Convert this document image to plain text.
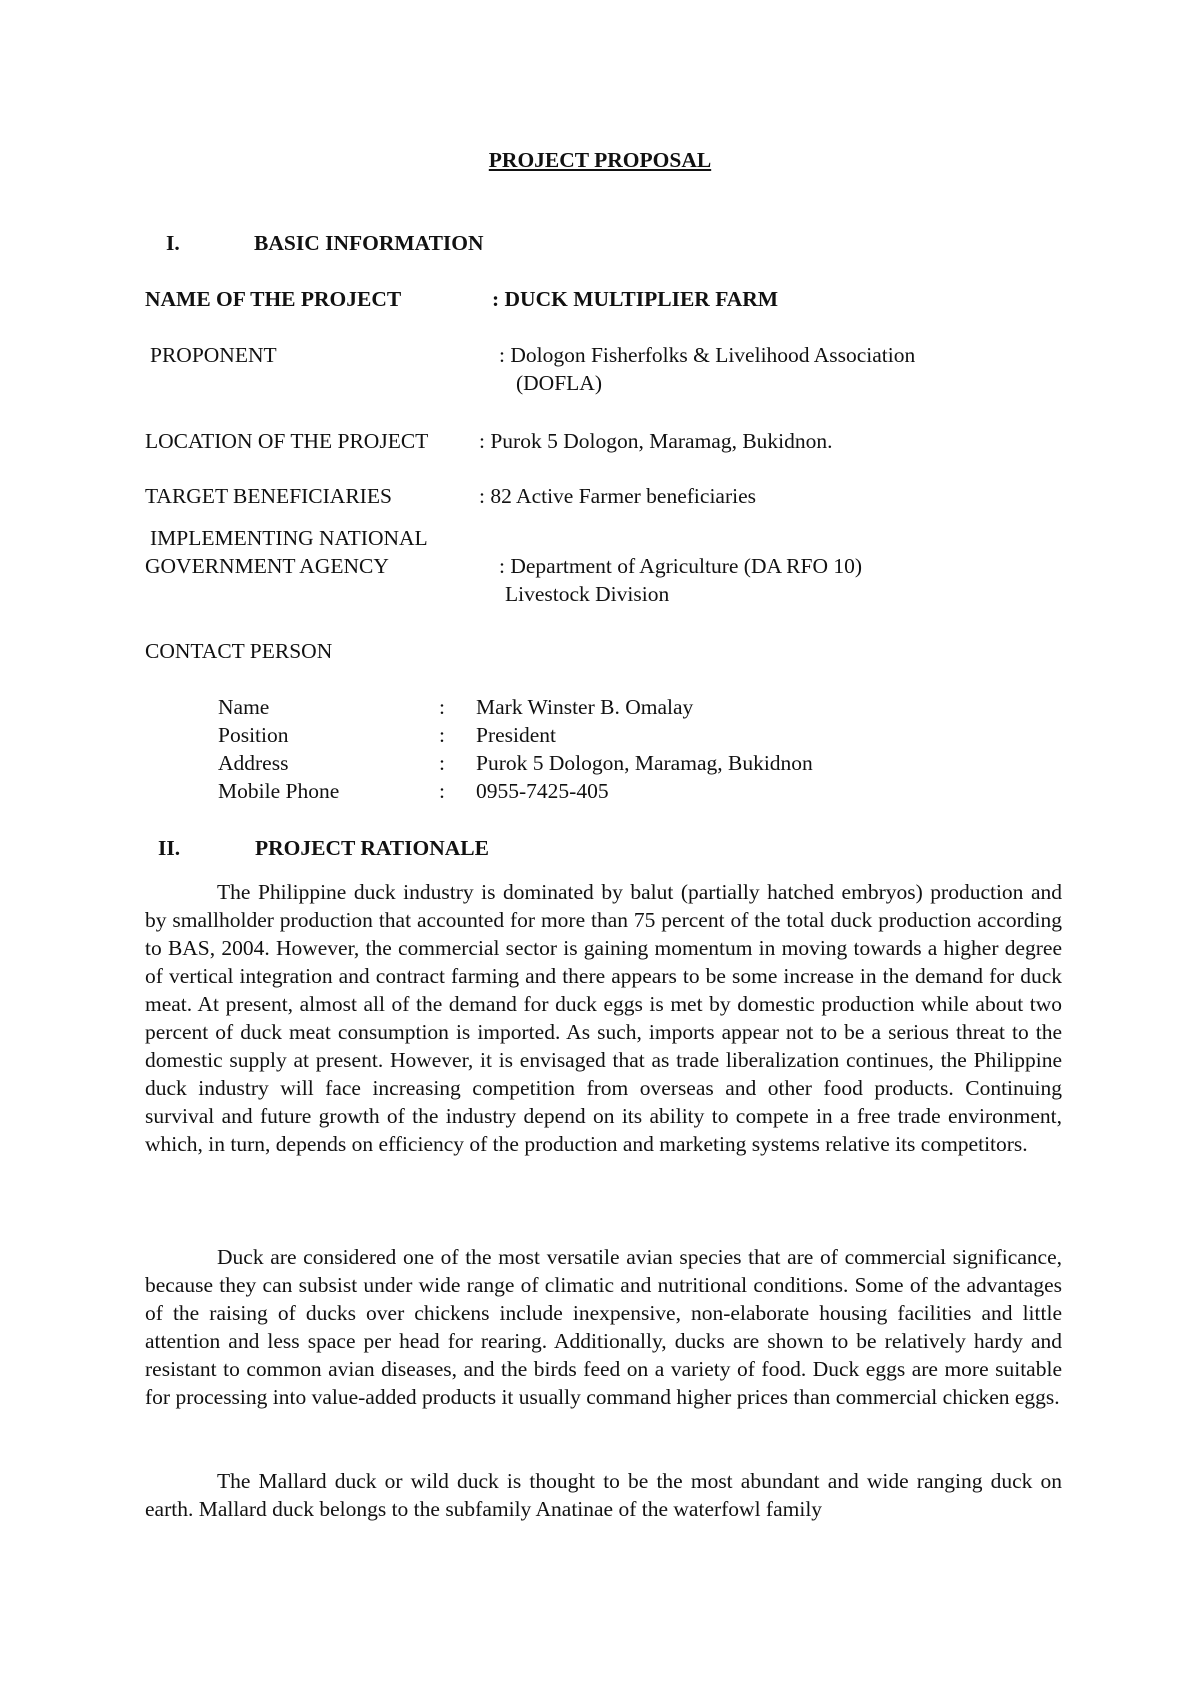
PROJECT PROPOSAL
I.	BASIC INFORMATION
NAME OF THE PROJECT	: DUCK MULTIPLIER FARM
PROPONENT	: Dologon Fisherfolks & Livelihood Association
(DOFLA)
LOCATION OF THE PROJECT : Purok 5 Dologon, Maramag, Bukidnon.
TARGET BENEFICIARIES	: 82 Active Farmer beneficiaries
IMPLEMENTING NATIONAL
GOVERNMENT AGENCY	: Department of Agriculture (DA RFO 10)
Livestock Division
CONTACT PERSON
Name	: Mark Winster B. Omalay
Position	: President
Address	: Purok 5 Dologon, Maramag, Bukidnon
Mobile Phone	: 0955-7425-405
II.	PROJECT RATIONALE
The Philippine duck industry is dominated by balut (partially hatched embryos) production and by smallholder production that accounted for more than 75 percent of the total duck production according to BAS, 2004. However, the commercial sector is gaining momentum in moving towards a higher degree of vertical integration and contract farming and there appears to be some increase in the demand for duck meat. At present, almost all of the demand for duck eggs is met by domestic production while about two percent of duck meat consumption is imported. As such, imports appear not to be a serious threat to the domestic supply at present. However, it is envisaged that as trade liberalization continues, the Philippine duck industry will face increasing competition from overseas and other food products. Continuing survival and future growth of the industry depend on its ability to compete in a free trade environment, which, in turn, depends on efficiency of the production and marketing systems relative its competitors.
Duck are considered one of the most versatile avian species that are of commercial significance, because they can subsist under wide range of climatic and nutritional conditions. Some of the advantages of the raising of ducks over chickens include inexpensive, non-elaborate housing facilities and little attention and less space per head for rearing. Additionally, ducks are shown to be relatively hardy and resistant to common avian diseases, and the birds feed on a variety of food. Duck eggs are more suitable for processing into value-added products it usually command higher prices than commercial chicken eggs.
The Mallard duck or wild duck is thought to be the most abundant and wide ranging duck on earth. Mallard duck belongs to the subfamily Anatinae of the waterfowl family
